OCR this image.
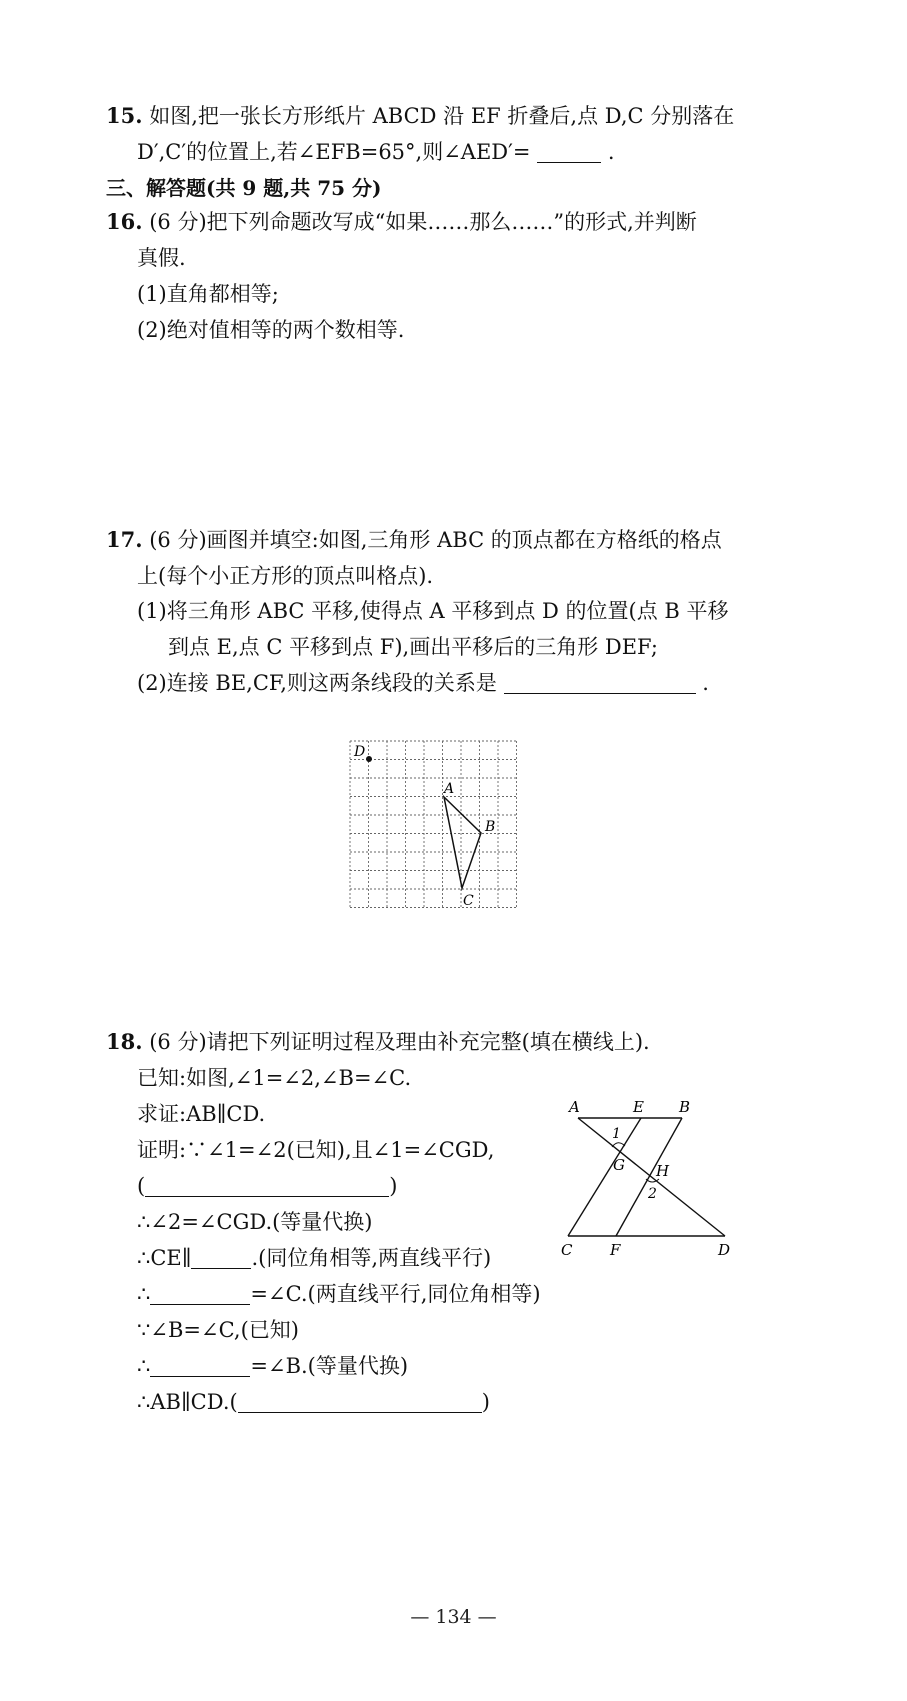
15. 如图,把一张长方形纸片 ABCD 沿 EF 折叠后,点 D,C 分别落在
D′,C′的位置上,若∠EFB=65°,则∠AED′=	.
三、解答题(共 9 题,共 75 分)
16. (6 分)把下列命题改写成“如果……那么……”的形式,并判断
真假.
(1)直角都相等;
(2)绝对值相等的两个数相等.
17. (6 分)画图并填空:如图,三角形 ABC 的顶点都在方格纸的格点
上(每个小正方形的顶点叫格点).
(1)将三角形 ABC 平移,使得点 A 平移到点 D 的位置(点 B 平移
到点 E,点 C 平移到点 F),画出平移后的三角形 DEF;
(2)连接 BE,CF,则这两条线段的关系是	.
D
A
B
C
18. (6 分)请把下列证明过程及理由补充完整(填在横线上).
已知:如图,∠1=∠2,∠B=∠C.
求证:AB∥CD.
证明:∵∠1=∠2(已知),且∠1=∠CGD,
(	)
∴∠2=∠CGD.(等量代换)
∴CE∥	.(同位角相等,两直线平行)
∴	=∠C.(两直线平行,同位角相等)
∵∠B=∠C,(已知)
∴	=∠B.(等量代换)
∴AB∥CD.(	)
A	E B
1
G H
2
C	F	D
— 134 —
